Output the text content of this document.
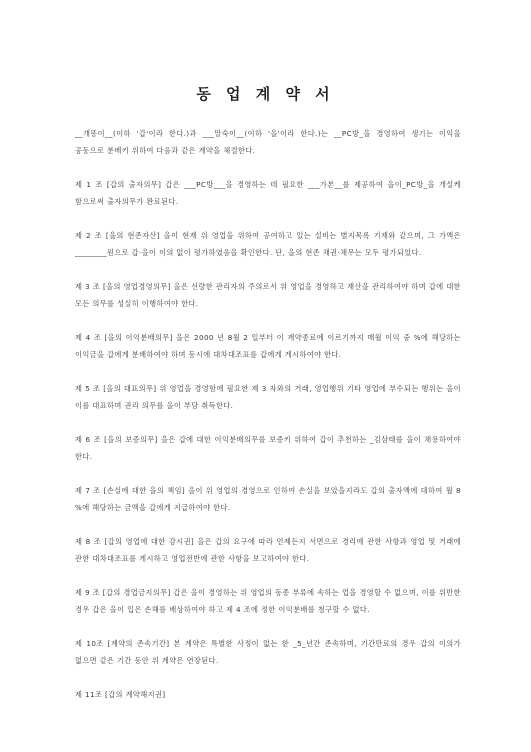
동 업 계 약 서

__개똥이__(이하 '갑'이라 한다.)과 ___말숙이__(이하 '을'이라 한다.)는 __PC방_을 경영하여 생기는 이익을 공동으로 분배키 위하여 다음과 같은 계약을 체결한다.

제 1 조 [갑의 출자의무] 갑은 ___PC방___을 경영하는 데 필요한 ___가본__를 제공하여 을이_PC방_을 개설케 함으로써 출자의무가 완료된다.

제 2 조 [을의 현존자산] 을이 현재 위 영업을 위하여 공여하고 있는 설비는 별지목록 기재와 같으며, 그 가액은 ________원으로 갑·을이 이의 없이 평가하였음을 확인한다. 단, 을의 현존 채권·채무는 모두 평가되었다.

제 3 조 [을의 영업경영의무] 을은 선량한 관리자의 주의로서 위 영업을 경영하고 재산을 관리하여야 하며 갑에 대한 모든 의무를 성실히 이행하여야 한다.

제 4 조 [을의 이익분배의무] 을은 2000 년 8월 2 일부터 이 계약종료에 이르기까지 매월 이익 중 %에 해당하는 이익금을 갑에게 분배하여야 하며 동시에 대차대조표를 갑에게 게시하여야 한다.

제 5 조 [을의 대표의무] 위 영업을 경영함에 필요한 제 3 자와의 거래, 영업행위 기타 영업에 부수되는 행위는 을이 이를 대표하며 권리 의무를 을이 부담 취득한다.

제 6 조 [을의 보증의무] 을은 갑에 대한 이익분배의무를 보증키 위하여 갑이 추천하는 _김삼태를 을이 채용하여야 한다.

제 7 조 [손실에 대한 을의 책임] 을이 위 영업의 경영으로 인하여 손실을 보았을지라도 갑의 출자액에 대하여 월 8 %에 해당하는 금액을 갑에게 지급하여야 한다.

제 8 조 [갑의 영업에 대한 감시권] 을은 갑의 요구에 따라 언제든지 서면으로 경리에 관한 사항과 영업 및 거래에 관한 대차대조표를 게시하고 영업전반에 관한 사항을 보고하여야 한다.

제 9 조 [갑의 경업금지의무] 갑은 을이 경영하는 위 영업의 동종 부류에 속하는 업을 경영할 수 없으며, 이를 위반한 경우 갑은 을이 입은 손해를 배상하여야 하고 제 4 조에 정한 이익분배를 청구할 수 없다.

제 10조 [계약의 존속기간] 본 계약은 특별한 사정이 없는 한 _5_년간 존속하며, 기간만료의 경우 갑의 이의가 없으면 같은 기간 동안 위 계약은 연장된다.

제 11조 [갑의 계약해지권]
